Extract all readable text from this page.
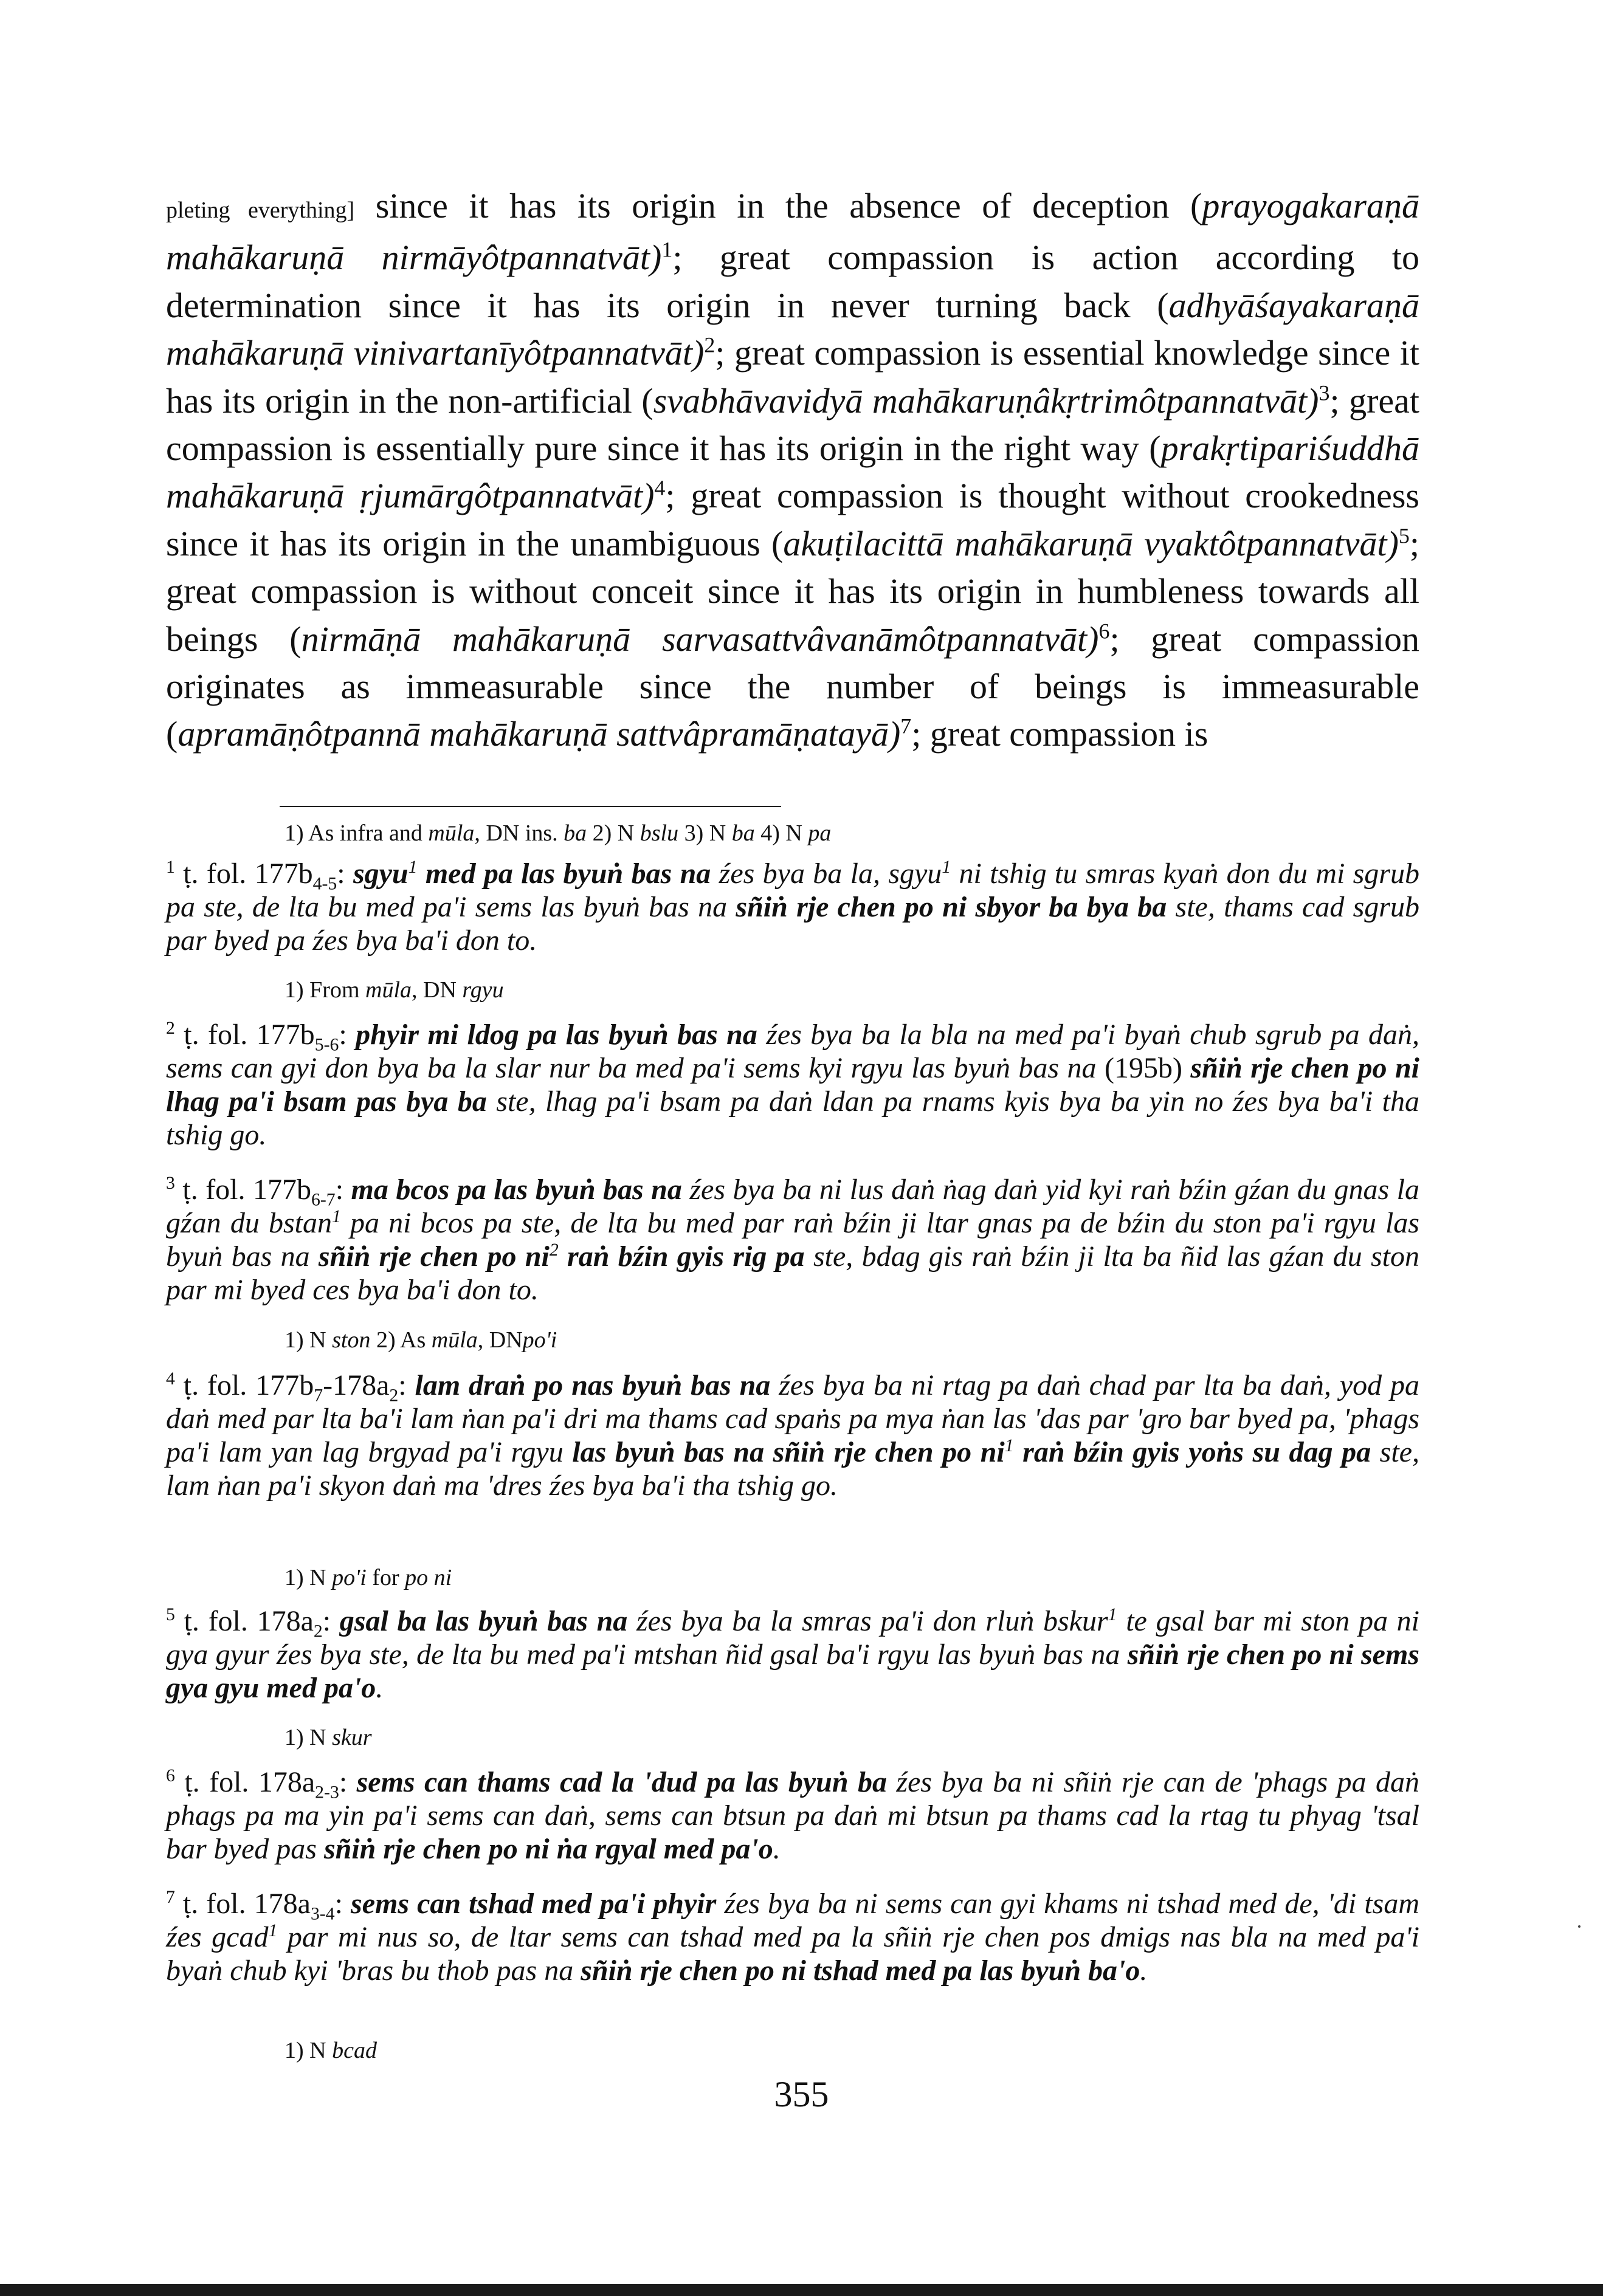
pleting everything] since it has its origin in the absence of deception (prayogakaraṇā mahākaruṇā nirmāyôtpannatvāt)$^1$; great compassion is action according to determination since it has its origin in never turning back (adhyāśayakaraṇā mahākaruṇā vinivartanīyôtpannatvāt)$^2$; great compassion is essential knowledge since it has its origin in the non-artificial (svabhāvavidyā mahākaruṇâkṛtrimôtpannatvāt)$^3$; great compassion is essentially pure since it has its origin in the right way (prakṛtipariśuddhā mahākaruṇā ṛjumārgôtpannatvāt)$^4$; great compassion is thought without crookedness since it has its origin in the unambiguous (akuṭilacittā mahākaruṇā vyaktôtpannatvāt)$^5$; great compassion is without conceit since it has its origin in humbleness towards all beings (nirmāṇā mahākaruṇā sarvasattvâvanāmôtpannatvāt)$^6$; great compassion originates as immeasurable since the number of beings is immeasurable (apramāṇôtpannā mahākaruṇā sattvâpramāṇatayā)$^7$; great compassion is

1) As infra and mūla, DN ins. ba 2) N bslu 3) N ba 4) N pa

$^1$ ṭ. fol. $177b_{4-5}$: sgyu$^1$ med pa las byuṅ bas na źes bya ba la, sgyu$^1$ ni tshig tu smras kyaṅ don du mi sgrub pa ste, de lta bu med pa'i sems las byuṅ bas na sñiṅ rje chen po ni sbyor ba bya ba ste, thams cad sgrub par byed pa źes bya ba'i don to.

1) From mūla, DN rgyu

$^2$ ṭ. fol. $177b_{5-6}$: phyir mi ldog pa las byuṅ bas na źes bya ba la bla na med pa'i byaṅ chub sgrub pa daṅ, sems can gyi don bya ba la slar nur ba med pa'i sems kyi rgyu las byuṅ bas na (195b) sñiṅ rje chen po ni lhag pa'i bsam pas bya ba ste, lhag pa'i bsam pa daṅ ldan pa rnams kyis bya ba yin no źes bya ba'i tha tshig go.

$^3$ ṭ. fol. $177b_{6-7}$: ma bcos pa las byuṅ bas na źes bya ba ni lus daṅ ṅag daṅ yid kyi raṅ bźin gźan du gnas la gźan du bstan$^1$ pa ni bcos pa ste, de lta bu med par raṅ bźin ji ltar gnas pa de bźin du ston pa'i rgyu las byuṅ bas na sñiṅ rje chen po $ni^2$ raṅ bźin gyis rig pa ste, bdag gis raṅ bźin ji lta ba ñid las gźan du ston par mi byed ces bya ba'i don to.

1) N ston 2) As mūla, DNpo'i

$^4$ ṭ. fol. $177b_7-178a_2$: lam draṅ po nas byuṅ bas na źes bya ba ni rtag pa daṅ chad par lta ba daṅ, yod pa daṅ med par lta ba'i lam ṅan pa'i dri ma thams cad spaṅs pa mya ṅan las 'das par 'gro bar byed pa, 'phags pa'i lam yan lag brgyad pa'i rgyu las byuṅ bas na sñiṅ rje chen po $ni^1$ raṅ bźin gyis yoṅs su dag pa ste, lam ṅan pa'i skyon daṅ ma 'dres źes bya ba'i tha tshig go.

1) N po'i for po ni

$^5$ ṭ. fol. $178a_2$: gsal ba las byuṅ bas na źes bya ba la smras pa'i don rluṅ bskur$^1$ te gsal bar mi ston pa ni gya gyur źes bya ste, de lta bu med pa'i mtshan ñid gsal ba'i rgyu las byuṅ bas na sñiṅ rje chen po ni sems gya gyu med pa'o.

1) N skur

$^6$ ṭ. fol. $178a_{2-3}$: sems can thams cad la 'dud pa las byuṅ ba źes bya ba ni sñiṅ rje can de 'phags pa daṅ phags pa ma yin pa'i sems can daṅ, sems can btsun pa daṅ mi btsun pa thams cad la rtag tu phyag 'tsal bar byed pas sñiṅ rje chen po ni ṅa rgyal med pa'o.

$^7$ ṭ. fol. $178a_{3-4}$: sems can tshad med pa'i phyir źes bya ba ni sems can gyi khams ni tshad med de, 'di tsam źes gcad$^1$ par mi nus so, de ltar sems can tshad med pa la sñiṅ rje chen pos dmigs nas bla na med pa'i byaṅ chub kyi 'bras bu thob pas na sñiṅ rje chen po ni tshad med pa las byuṅ ba'o.

1) N bcad
355
